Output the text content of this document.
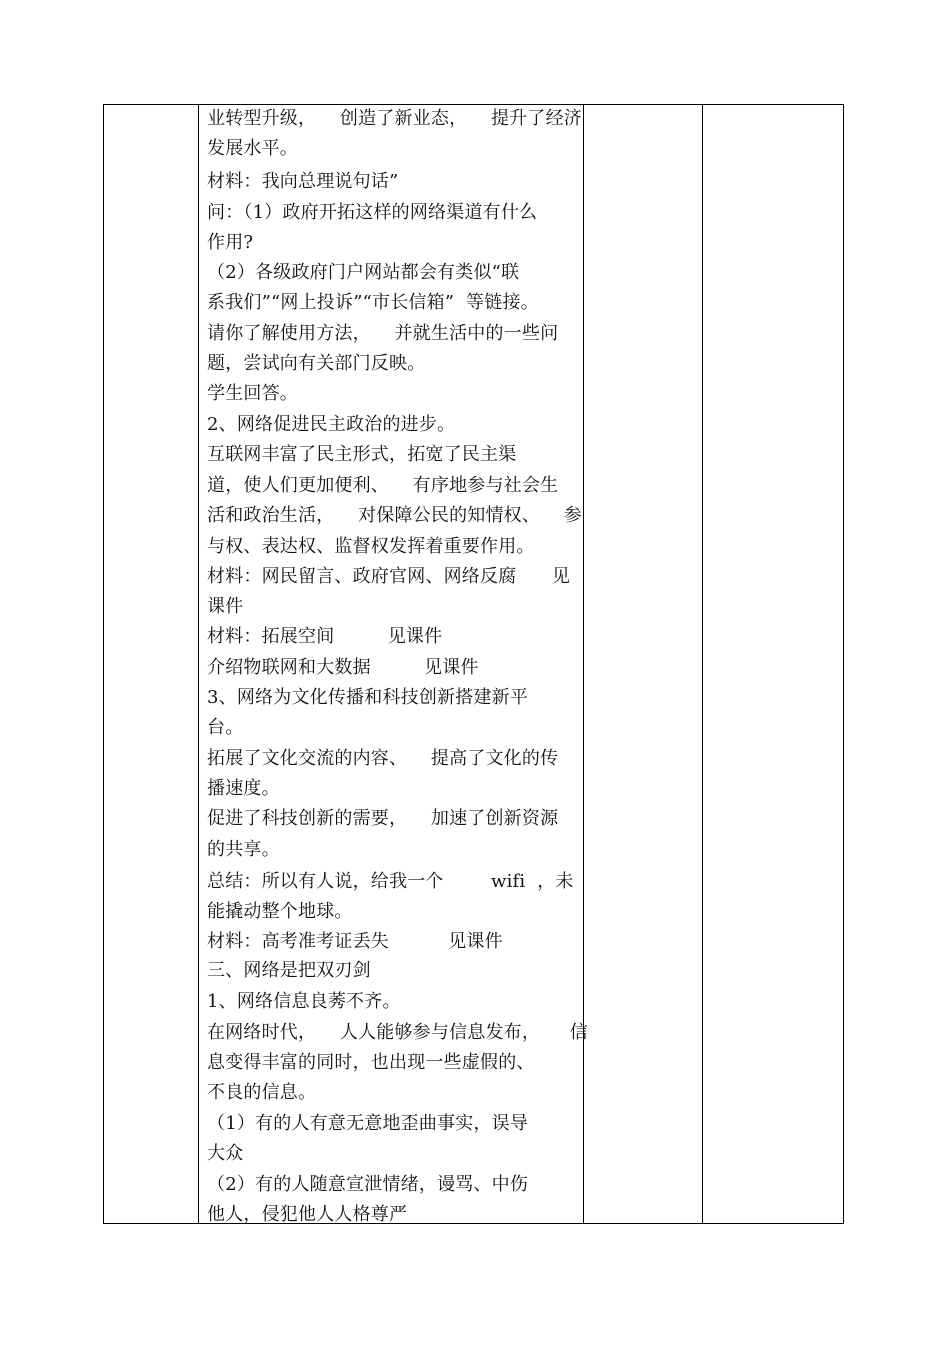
业转型升级，    创造了新业态，    提升了经济
发展水平。
材料：我向总理说句话”
问：（1）政府开拓这样的网络渠道有什么
作用?
（2）各级政府门户网站都会有类似“联
系我们”“网上投诉”“市长信箱”  等链接。
请你了解使用方法，    并就生活中的一些问
题，尝试向有关部门反映。
学生回答。
2、网络促进民主政治的进步。
互联网丰富了民主形式，拓宽了民主渠
道，使人们更加便利、    有序地参与社会生
活和政治生活，    对保障公民的知情权、    参
与权、表达权、监督权发挥着重要作用。
材料：网民留言、政府官网、网络反腐      见
课件
材料：拓展空间         见课件
介绍物联网和大数据         见课件
3、网络为文化传播和科技创新搭建新平
台。
拓展了文化交流的内容、    提高了文化的传
播速度。
促进了科技创新的需要，    加速了创新资源
的共享。
总结：所以有人说，给我一个        wifi  ，未
能撬动整个地球。
材料：高考准考证丢失          见课件
三、网络是把双刃剑
1、网络信息良莠不齐。
在网络时代，    人人能够参与信息发布，     信
息变得丰富的同时，也出现一些虚假的、
不良的信息。
（1）有的人有意无意地歪曲事实，误导
大众
（2）有的人随意宣泄情绪，谩骂、中伤
他人，侵犯他人人格尊严
